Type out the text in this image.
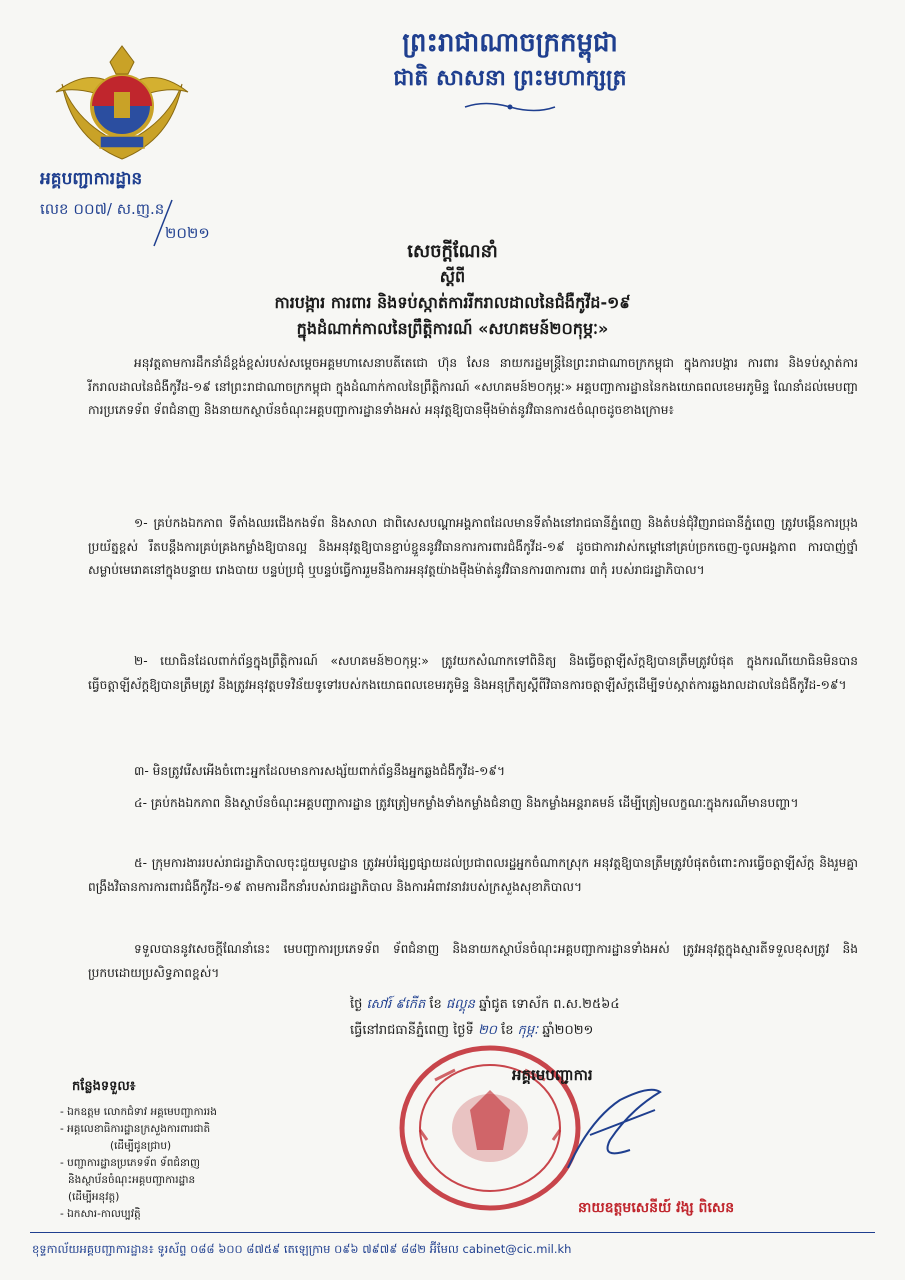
ព្រះរាជាណាចក្រកម្ពុជា
ជាតិ សាសនា ព្រះមហាក្សត្រ
អគ្គបញ្ជាការដ្ឋាន
លេខ ០០៧/ ស.ញ.ន
២០២១
សេចក្តីណែនាំ
ស្តីពី
ការបង្ការ ការពារ និងទប់ស្កាត់ការរីករាលដាលនៃជំងឺកូវីដ-១៩
ក្នុងដំណាក់កាលនៃព្រឹត្តិការណ៍ «សហគមន៍២០កុម្ភៈ»
អនុវត្តតាមការដឹកនាំដ៏ខ្ពង់ខ្ពស់របស់សម្តេចអគ្គមហាសេនាបតីតេជោ ហ៊ុន សែន នាយករដ្ឋមន្ត្រីនៃព្រះរាជាណាចក្រកម្ពុជា ក្នុងការបង្ការ ការពារ និងទប់ស្កាត់ការរីករាលដាលនៃជំងឺកូវីដ-១៩ នៅព្រះរាជាណាចក្រកម្ពុជា ក្នុងដំណាក់កាលនៃព្រឹត្តិការណ៍ «សហគមន៍២០កុម្ភៈ» អគ្គបញ្ជាការដ្ឋាននៃកងយោធពលខេមរភូមិន្ទ ណែនាំដល់មេបញ្ជាការប្រភេទទ័ព ទ័ពជំនាញ និងនាយកស្ថាប័នចំណុះអគ្គបញ្ជាការដ្ឋានទាំងអស់ អនុវត្តឱ្យបានម៉ឺងម៉ាត់នូវវិធានការ៥ចំណុចដូចខាងក្រោម៖
១- គ្រប់កងឯកភាព ទីតាំងឈរជើងកងទ័ព និងសាលា ជាពិសេសបណ្តាអង្គភាពដែលមានទីតាំងនៅរាជធានីភ្នំពេញ និងតំបន់ជុំវិញរាជធានីភ្នំពេញ ត្រូវបង្កើនការប្រុងប្រយ័ត្នខ្ពស់ រឹតបន្តឹងការគ្រប់គ្រងកម្លាំងឱ្យបានល្អ និងអនុវត្តឱ្យបានខ្ជាប់ខ្ជួននូវវិធានការការពារជំងឺកូវីដ-១៩ ដូចជាការវាស់កម្តៅនៅគ្រប់ច្រកចេញ-ចូលអង្គភាព ការបាញ់ថ្នាំសម្លាប់មេរោគនៅក្នុងបន្ទាយ រោងបាយ បន្ទប់ប្រជុំ ឬបន្ទប់ធ្វើការរួមនឹងការអនុវត្តយ៉ាងម៉ឺងម៉ាត់នូវវិធានការ៣ការពារ ៣កុំ របស់រាជរដ្ឋាភិបាល។
២- យោធិនដែលពាក់ព័ន្ធក្នុងព្រឹត្តិការណ៍ «សហគមន៍២០កុម្ភៈ» ត្រូវយកសំណាកទៅពិនិត្យ និងធ្វើចត្តាឡីស័ក្តឱ្យបានត្រឹមត្រូវបំផុត ក្នុងករណីយោធិនមិនបានធ្វើចត្តាឡីស័ក្តឱ្យបានត្រឹមត្រូវ នឹងត្រូវអនុវត្តបទវិន័យទូទៅរបស់កងយោធពលខេមរភូមិន្ទ និងអនុក្រឹត្យស្តីពីវិធានការចត្តាឡីស័ក្តដើម្បីទប់ស្កាត់ការឆ្លងរាលដាលនៃជំងឺកូវីដ-១៩។
៣- មិនត្រូវរើសអើងចំពោះអ្នកដែលមានការសង្ស័យពាក់ព័ន្ធនឹងអ្នកឆ្លងជំងឺកូវីដ-១៩។
៤- គ្រប់កងឯកភាព និងស្ថាប័នចំណុះអគ្គបញ្ជាការដ្ឋាន ត្រូវត្រៀមកម្លាំងទាំងកម្លាំងជំនាញ និងកម្លាំងអន្តរាគមន៍ ដើម្បីត្រៀមលក្ខណៈក្នុងករណីមានបញ្ហា។
៥- ក្រុមការងាររបស់រាជរដ្ឋាភិបាលចុះជួយមូលដ្ឋាន ត្រូវអប់រំផ្សព្វផ្សាយដល់ប្រជាពលរដ្ឋអ្នកចំណាកស្រុក អនុវត្តឱ្យបានត្រឹមត្រូវបំផុតចំពោះការធ្វើចត្តាឡីស័ក្ត និងរួមគ្នាពង្រឹងវិធានការការពារជំងឺកូវីដ-១៩ តាមការដឹកនាំរបស់រាជរដ្ឋាភិបាល និងការអំពាវនាវរបស់ក្រសួងសុខាភិបាល។
ទទួលបាននូវសេចក្តីណែនាំនេះ មេបញ្ជាការប្រភេទទ័ព ទ័ពជំនាញ និងនាយកស្ថាប័នចំណុះអគ្គបញ្ជាការដ្ឋានទាំងអស់ ត្រូវអនុវត្តក្នុងស្មារតីទទួលខុសត្រូវ និងប្រកបដោយប្រសិទ្ធភាពខ្ពស់។
ថ្ងៃ សៅរ៍ ៩កើត ខែ ផល្គុន ឆ្នាំជូត ទោស័ក ព.ស.២៥៦៤
ធ្វើនៅរាជធានីភ្នំពេញ ថ្ងៃទី ២០ ខែ កុម្ភៈ ឆ្នាំ២០២១
អគ្គមេបញ្ជាការ
នាយឧត្តមសេនីយ៍ វង្ស ពិសេន
កន្លែងទទួល៖
- ឯកឧត្តម លោកជំទាវ អគ្គមេបញ្ជាការរង
- អគ្គលេខាធិការដ្ឋានក្រសួងការពារជាតិ
(ដើម្បីជូនជ្រាប)
- បញ្ជាការដ្ឋានប្រភេទទ័ព ទ័ពជំនាញ
និងស្ថាប័នចំណុះអគ្គបញ្ជាការដ្ឋាន
(ដើម្បីអនុវត្ត)
- ឯកសារ-កាលប្បវត្តិ
ខុទ្ទកាល័យអគ្គបញ្ជាការដ្ឋាន៖ ទូរស័ព្ទ ០៨៨ ៦០០ ៨៧៥៩ តេឡេក្រាម ០៩៦ ៧៩៧៩ ៨៨២ អ៊ីមែល cabinet@cic.mil.kh
